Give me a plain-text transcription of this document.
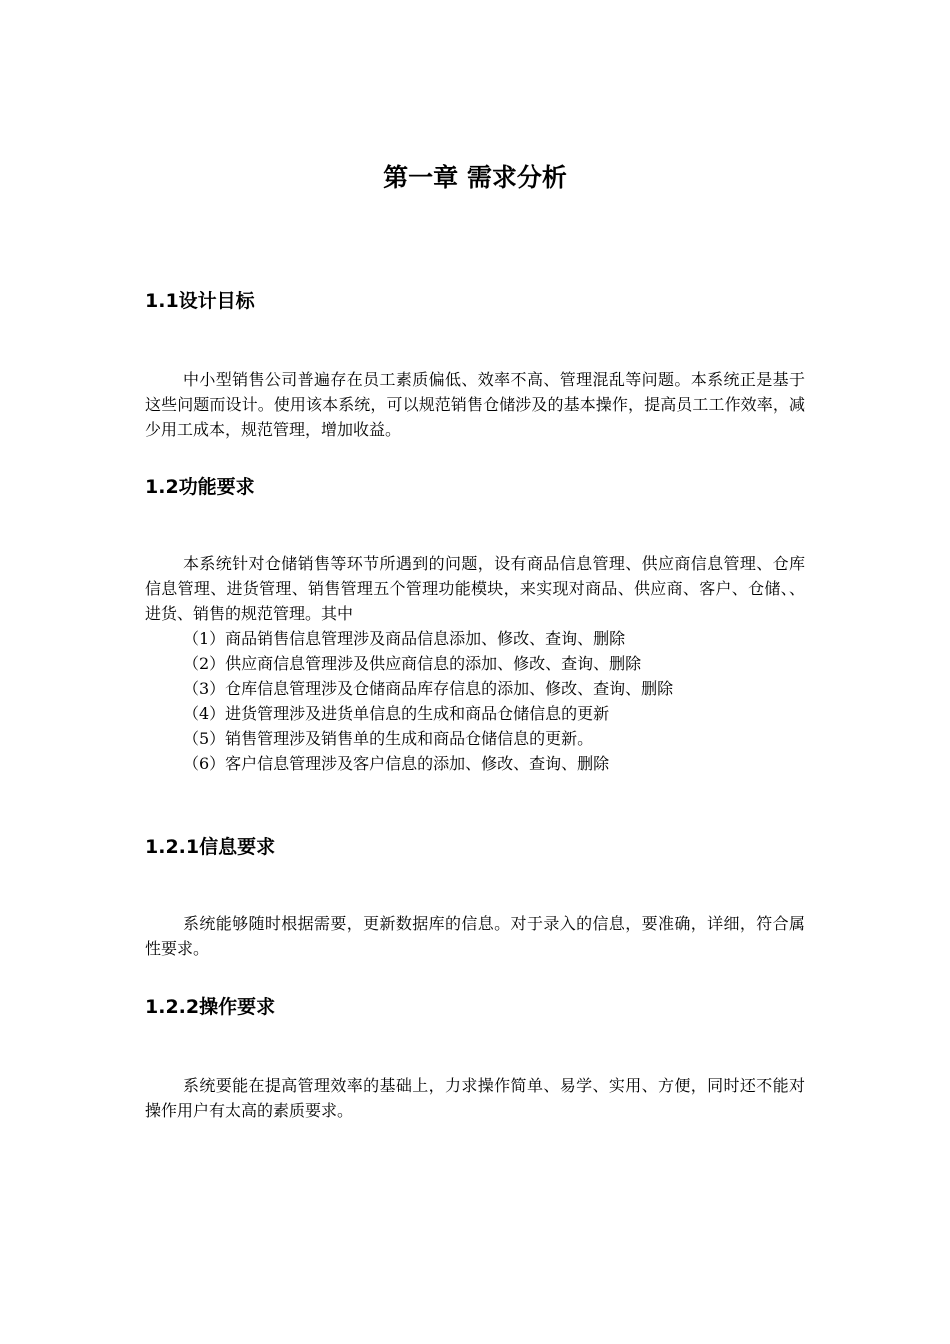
第一章 需求分析
1.1设计目标

中小型销售公司普遍存在员工素质偏低、效率不高、管理混乱等问题。本系统正是基于这些问题而设计。使用该本系统，可以规范销售仓储涉及的基本操作，提高员工工作效率，减少用工成本，规范管理，增加收益。

1.2功能要求

本系统针对仓储销售等环节所遇到的问题，设有商品信息管理、供应商信息管理、仓库信息管理、进货管理、销售管理五个管理功能模块，来实现对商品、供应商、客户、仓储、、进货、销售的规范管理。其中

（1）商品销售信息管理涉及商品信息添加、修改、查询、删除
（2）供应商信息管理涉及供应商信息的添加、修改、查询、删除
（3）仓库信息管理涉及仓储商品库存信息的添加、修改、查询、删除
（4）进货管理涉及进货单信息的生成和商品仓储信息的更新
（5）销售管理涉及销售单的生成和商品仓储信息的更新。
（6）客户信息管理涉及客户信息的添加、修改、查询、删除
1.2.1信息要求

系统能够随时根据需要，更新数据库的信息。对于录入的信息，要准确，详细，符合属性要求。

1.2.2操作要求

系统要能在提高管理效率的基础上，力求操作简单、易学、实用、方便，同时还不能对操作用户有太高的素质要求。
